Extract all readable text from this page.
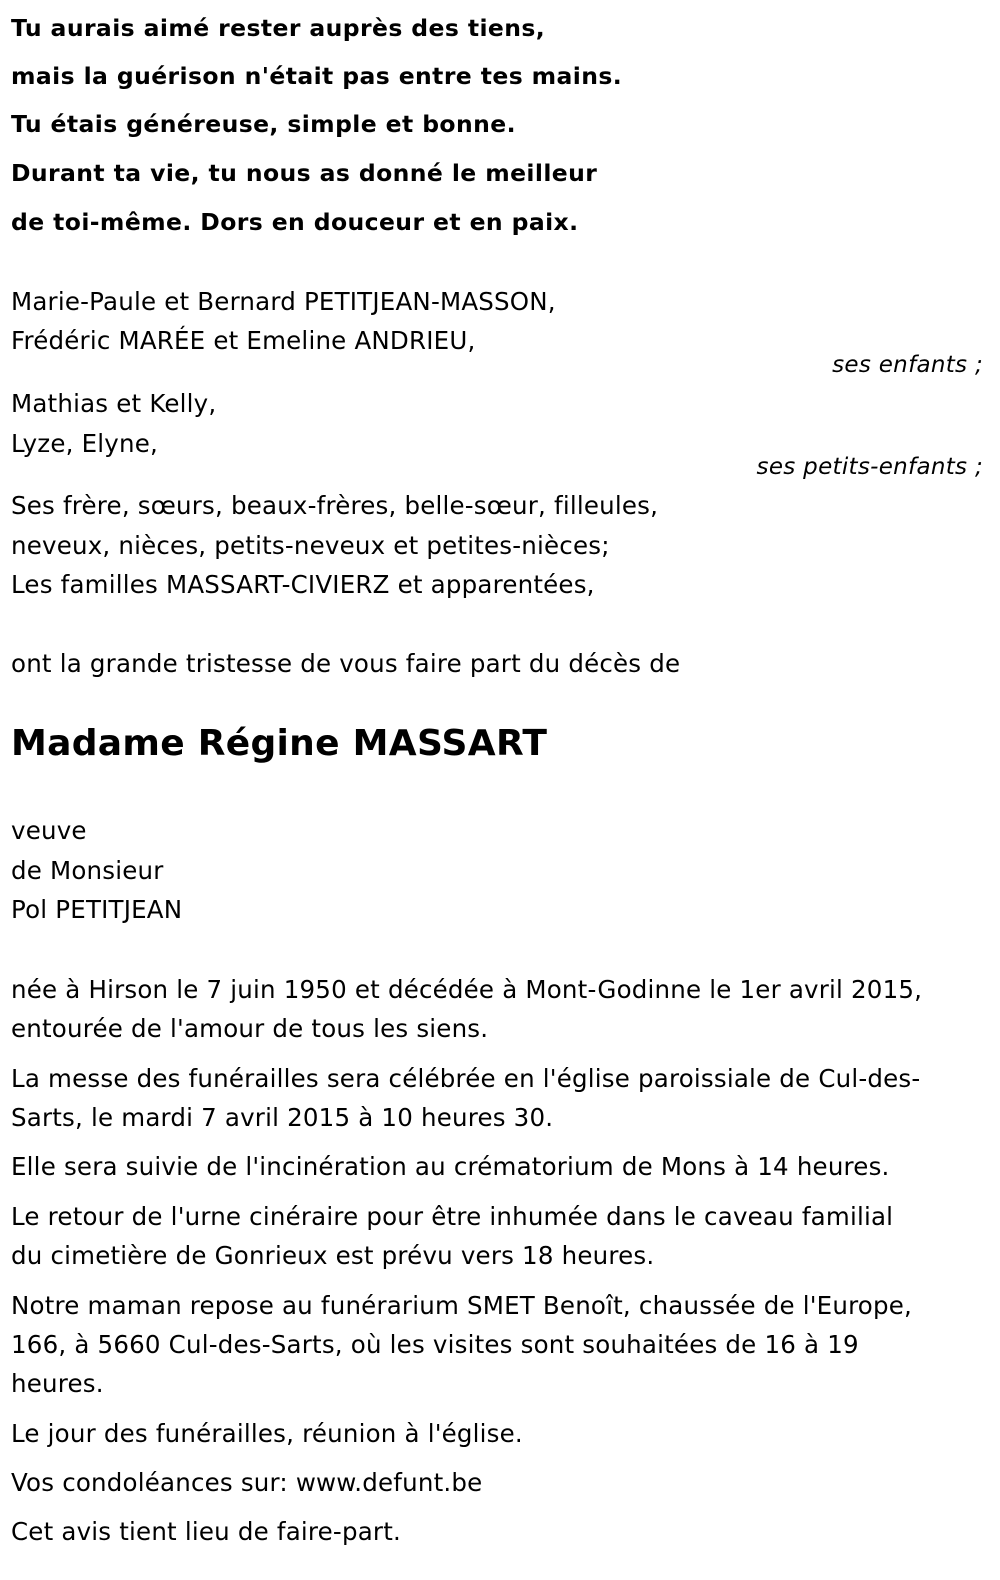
Tu aurais aimé rester auprès des tiens,
mais la guérison n'était pas entre tes mains.
Tu étais généreuse, simple et bonne.
Durant ta vie, tu nous as donné le meilleur
de toi-même. Dors en douceur et en paix.
Marie-Paule et Bernard PETITJEAN-MASSON,
Frédéric MARÉE et Emeline ANDRIEU,
ses enfants ;
Mathias et Kelly,
Lyze, Elyne,
ses petits-enfants ;
Ses frère, sœurs, beaux-frères, belle-sœur, filleules,
neveux, nièces, petits-neveux et petites-nièces;
Les familles MASSART-CIVIERZ et apparentées,
ont la grande tristesse de vous faire part du décès de
Madame Régine MASSART
veuve
de Monsieur
Pol PETITJEAN
née à Hirson le 7 juin 1950 et décédée à Mont-Godinne le 1er avril 2015,
entourée de l'amour de tous les siens.
La messe des funérailles sera célébrée en l'église paroissiale de Cul-des-
Sarts, le mardi 7 avril 2015 à 10 heures 30.
Elle sera suivie de l'incinération au crématorium de Mons à 14 heures.
Le retour de l'urne cinéraire pour être inhumée dans le caveau familial
du cimetière de Gonrieux est prévu vers 18 heures.
Notre maman repose au funérarium SMET Benoît, chaussée de l'Europe,
166, à 5660 Cul-des-Sarts, où les visites sont souhaitées de 16 à 19
heures.
Le jour des funérailles, réunion à l'église.
Vos condoléances sur: www.defunt.be
Cet avis tient lieu de faire-part.
